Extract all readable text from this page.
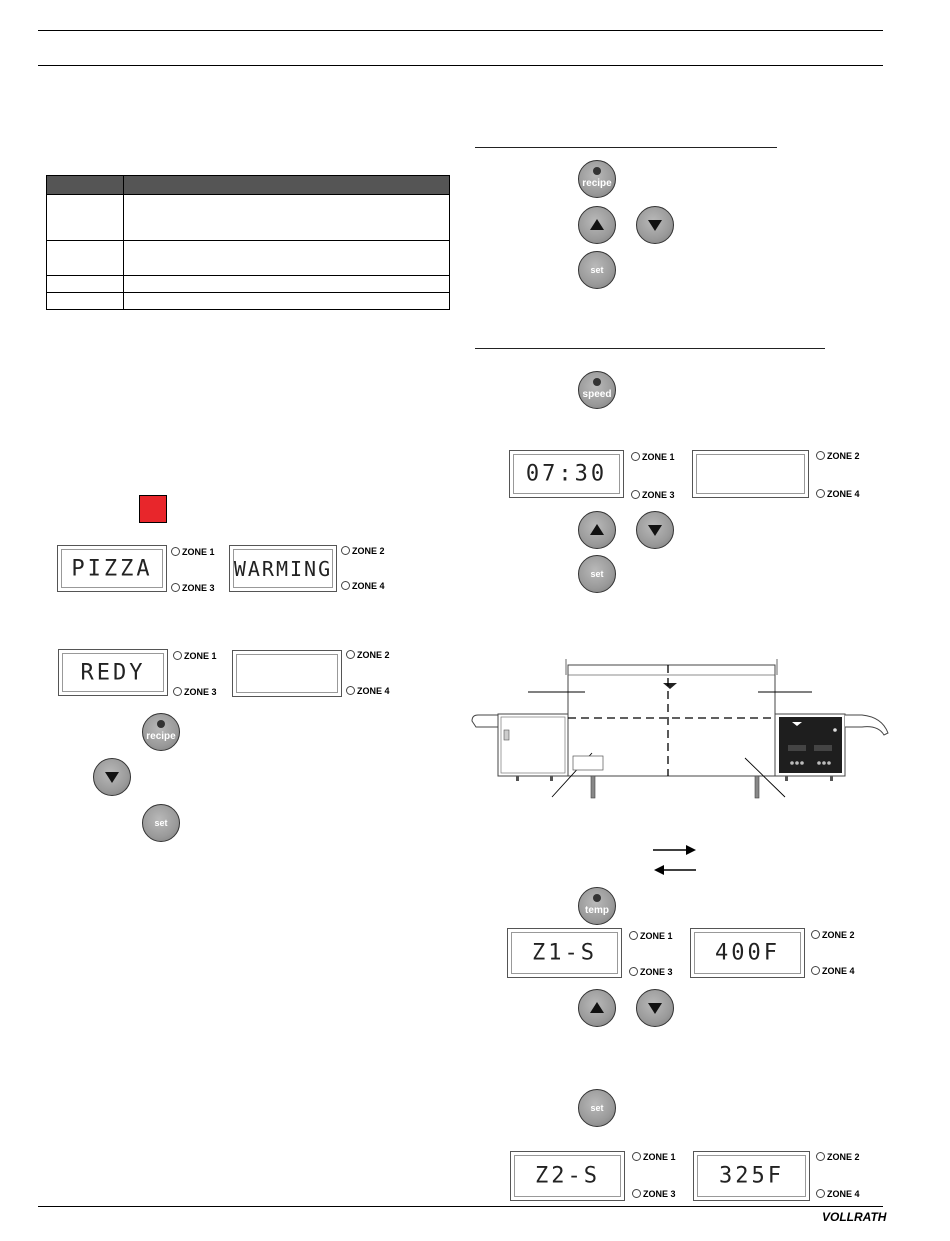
PIZZA
ZONE 1
ZONE 3
WARMING
ZONE 2
ZONE 4
REDY
ZONE 1
ZONE 3
ZONE 2
ZONE 4
recipe
set
recipe
set
speed
07:30
ZONE 1
ZONE 3
ZONE 2
ZONE 4
set
temp
Z1-S
ZONE 1
ZONE 3
400F
ZONE 2
ZONE 4
set
Z2-S
ZONE 1
ZONE 3
325F
ZONE 2
ZONE 4
VOLLRATH
